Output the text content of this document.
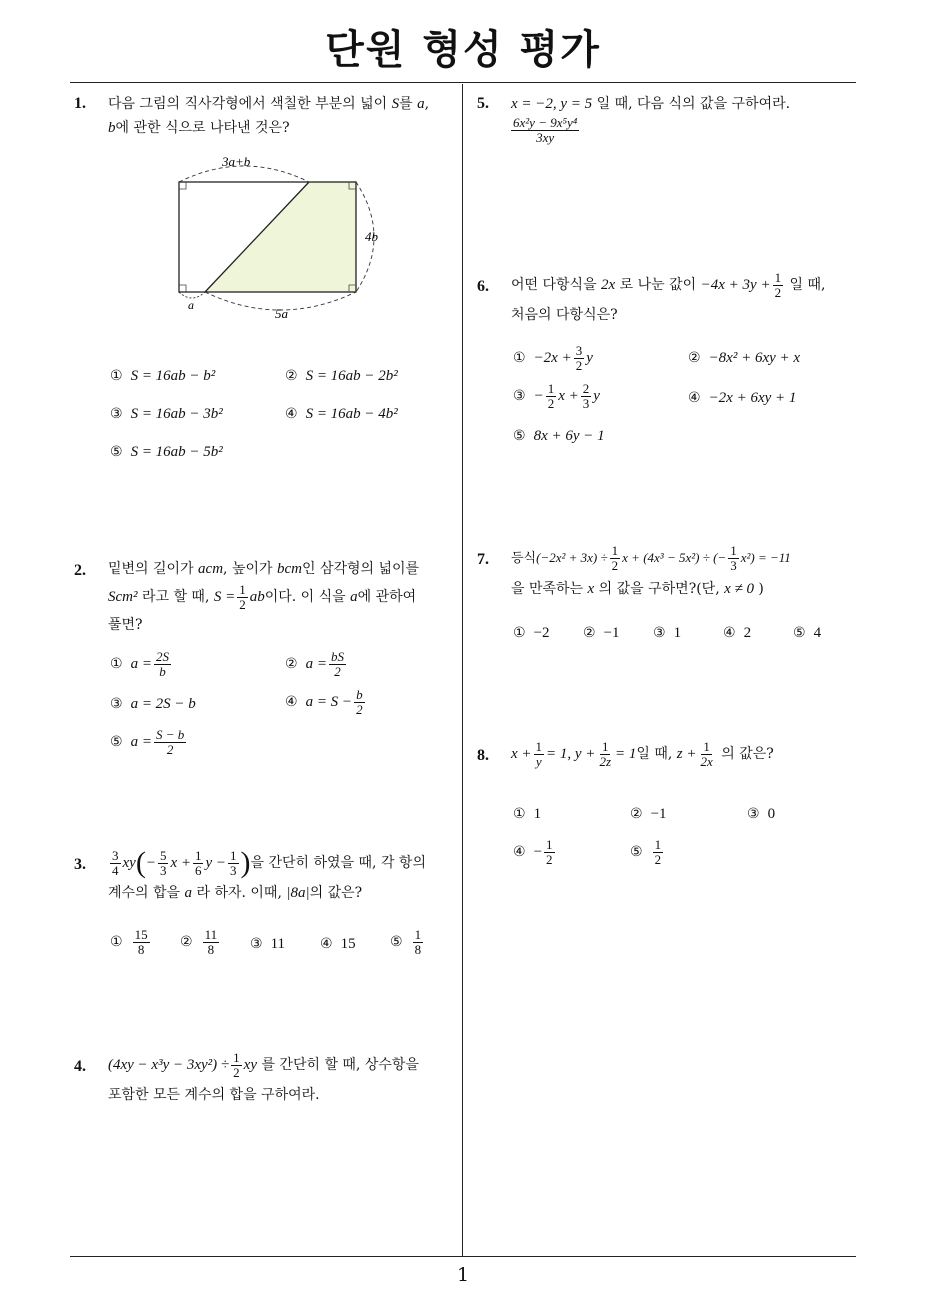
단원 형성 평가
1
1. 다음 그림의 직사각형에서 색칠한 부분의 넓이 S를 a,
b에 관한 식으로 나타낸 것은?
3a+b
4b
5a
a
① S = 16ab − b²	② S = 16ab − 2b²
③ S = 16ab − 3b²	④ S = 16ab − 4b²
⑤ S = 16ab − 5b²
2. 밑변의 길이가 acm, 높이가 bcm인 삼각형의 넓이를
Scm² 라고 할 때, $S = \frac{1}{2}$ ab이다. 이 식을 a에 관하여
풀면?
① $a = \frac{2S}{b}$	② $a = \frac{bS}{2}$
③ a = 2S − b	④ $a = S - \frac{b}{2}$
⑤ $a = \frac{S - b}{2}$
3. $\frac{3}{4} xy(- \frac{5}{3}$ $x + \frac{1}{6}$ $y - \frac{1}{3}$ )을 간단히 하였을 때, 각 항의
계수의 합을 a 라 하자. 이때, |8a|의 값은?
① $\frac{15}{8}$ ② $\frac{11}{8}$ ③ 11 ④ 15 ⑤ $\frac{1}{8}$
4. $(4xy - x^3y - 3xy^2) \div \frac{1}{2}$ xy 를 간단히 할 때, 상수항을
포함한 모든 계수의 합을 구하여라.
5. x = −2, y = 5 일 때, 다음 식의 값을 구하여라.

$\frac{\text{6x²y − 9x⁵y⁴}}{3xy}$
6. 어떤 다항식을 2x 로 나눈 값이 $-4x + 3y + \frac{1}{2}$ 일 때,
처음의 다항식은?
① $-2x + \frac{3}{2}$ y	② −8x² + 6xy + x
③ − $\frac{1}{2}$ $x + \frac{2}{3}$ y	④ −2x + 6xy + 1
⑤ 8x + 6y − 1
7. 등식$(-2x^2 + 3x) \div \frac{1}{2}$ x + (4x³ − 5x²) ÷ (− $\frac{1}{3} x^2) = -11$
을 만족하는 x 의 값을 구하면?(단, x ≠ 0 )
① −2 ② −1 ③ 1	④ 2	⑤ 4
8. $x + \frac{1}{y} = 1$, $y + \frac{1}{2z} = 1$일 때, $z + \frac{1}{2x}$ 의 값은?
① 1	② −1	③ 0
④ − $\frac{1}{2}$	⑤ $\frac{1}{2}$
